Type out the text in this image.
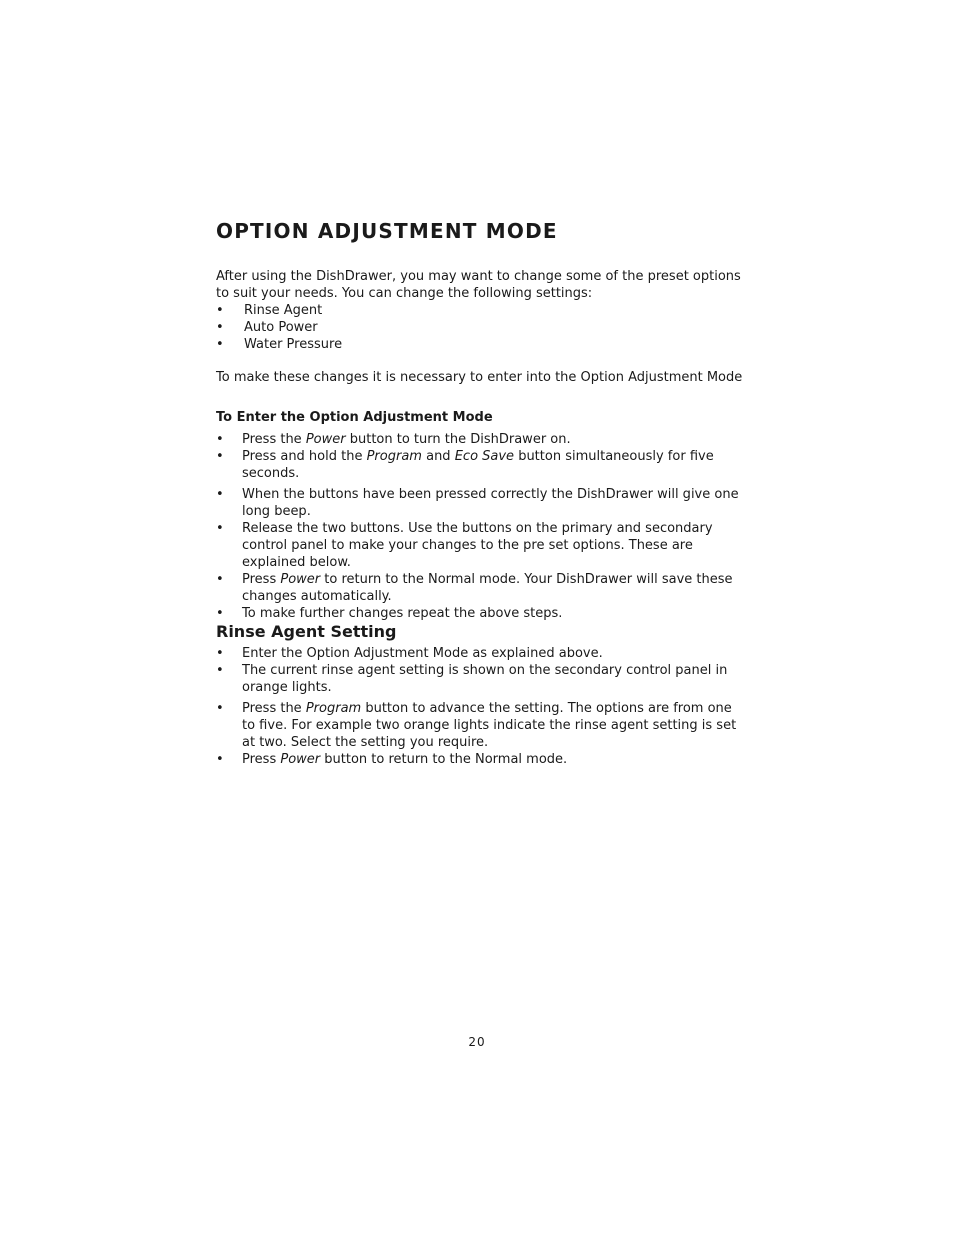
OPTION ADJUSTMENT MODE

After using the DishDrawer, you may want to change some of the preset options to suit your needs. You can change the following settings:

• Rinse Agent
• Auto Power
• Water Pressure

To make these changes it is necessary to enter into the Option Adjustment Mode

To Enter the Option Adjustment Mode
• Press the Power button to turn the DishDrawer on.
• Press and hold the Program and Eco Save button simultaneously for five seconds.
• When the buttons have been pressed correctly the DishDrawer will give one long beep.
• Release the two buttons. Use the buttons on the primary and secondary control panel to make your changes to the pre set options. These are explained below.
• Press Power to return to the Normal mode. Your DishDrawer will save these changes automatically.
• To make further changes repeat the above steps.
Rinse Agent Setting
• Enter the Option Adjustment Mode as explained above.
• The current rinse agent setting is shown on the secondary control panel in orange lights.
• Press the Program button to advance the setting. The options are from one to five. For example two orange lights indicate the rinse agent setting is set at two. Select the setting you require.
• Press Power button to return to the Normal mode.
20
